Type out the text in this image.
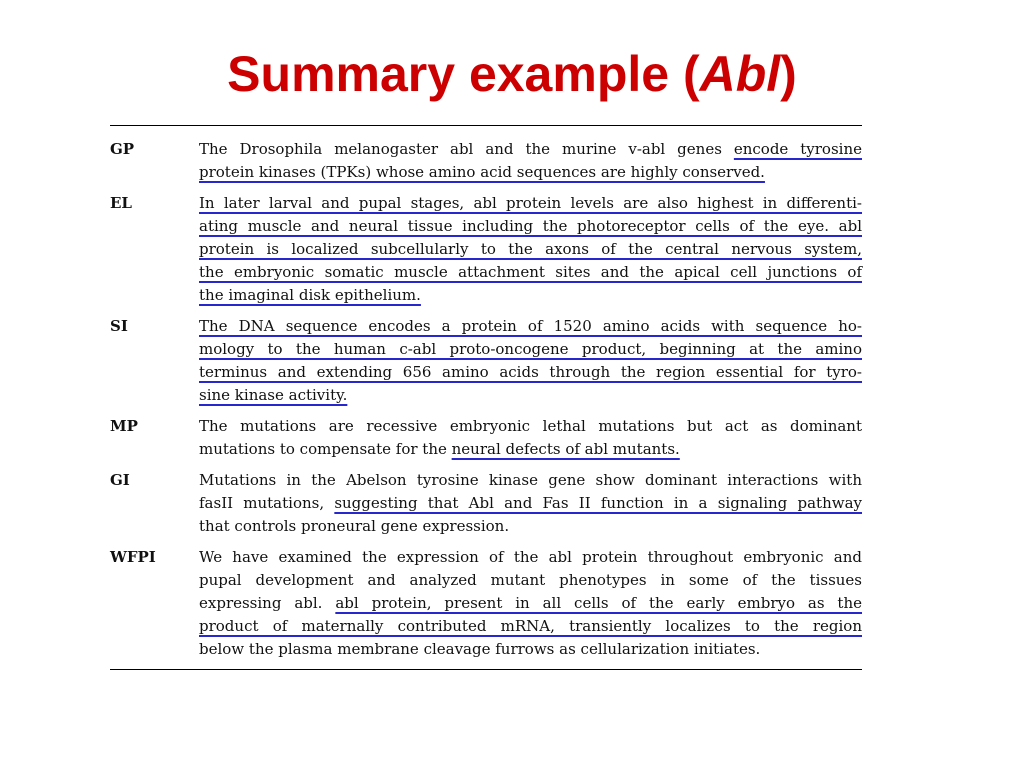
Summary example (Abl)
GP	The Drosophila melanogaster abl and the murine v-abl genes encode tyrosine
protein kinases (TPKs) whose amino acid sequences are highly conserved.
EL	In later larval and pupal stages, abl protein levels are also highest in differenti-
ating muscle and neural tissue including the photoreceptor cells of the eye. abl
protein is localized subcellularly to the axons of the central nervous system,
the embryonic somatic muscle attachment sites and the apical cell junctions of
the imaginal disk epithelium.
SI	The DNA sequence encodes a protein of 1520 amino acids with sequence ho-
mology to the human c-abl proto-oncogene product, beginning at the amino
terminus and extending 656 amino acids through the region essential for tyro-
sine kinase activity.
MP	The mutations are recessive embryonic lethal mutations but act as dominant
mutations to compensate for the neural defects of abl mutants.
GI	Mutations in the Abelson tyrosine kinase gene show dominant interactions with
fasII mutations, suggesting that Abl and Fas II function in a signaling pathway
that controls proneural gene expression.
WFPI	We have examined the expression of the abl protein throughout embryonic and
pupal development and analyzed mutant phenotypes in some of the tissues
expressing abl. abl protein, present in all cells of the early embryo as the
product of maternally contributed mRNA, transiently localizes to the region
below the plasma membrane cleavage furrows as cellularization initiates.
